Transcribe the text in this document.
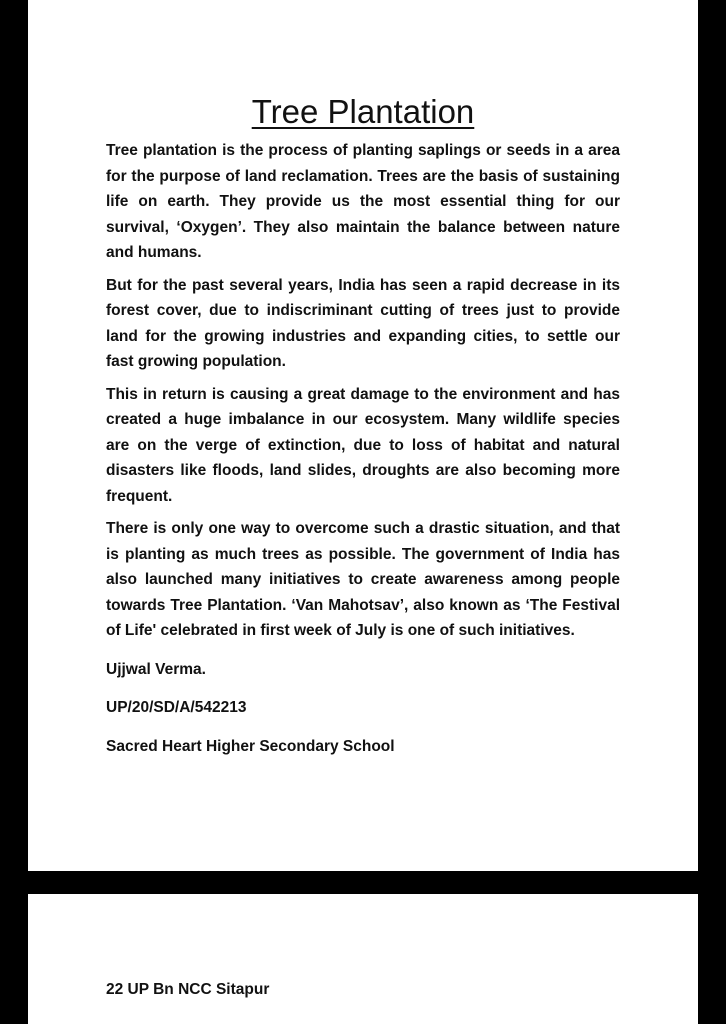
Tree Plantation

Tree plantation is the process of planting saplings or seeds in a area for the purpose of land reclamation. Trees are the basis of sustaining life on earth. They provide us the most essential thing for our survival, ‘Oxygen’. They also maintain the balance between nature and humans.

But for the past several years, India has seen a rapid decrease in its forest cover, due to indiscriminant cutting of trees just to provide land for the growing industries and expanding cities, to settle our fast growing population.

This in return is causing a great damage to the environment and has created a huge imbalance in our ecosystem. Many wildlife species are on the verge of extinction, due to loss of habitat and natural disasters like floods, land slides, droughts are also becoming more frequent.

There is only one way to overcome such a drastic situation, and that is planting as much trees as possible. The government of India has also launched many initiatives to create awareness among people towards Tree Plantation. ‘Van Mahotsav’, also known as ‘The Festival of Life' celebrated in first week of July is one of such initiatives.

Ujjwal Verma.

UP/20/SD/A/542213

Sacred Heart Higher Secondary School

22 UP Bn NCC Sitapur
